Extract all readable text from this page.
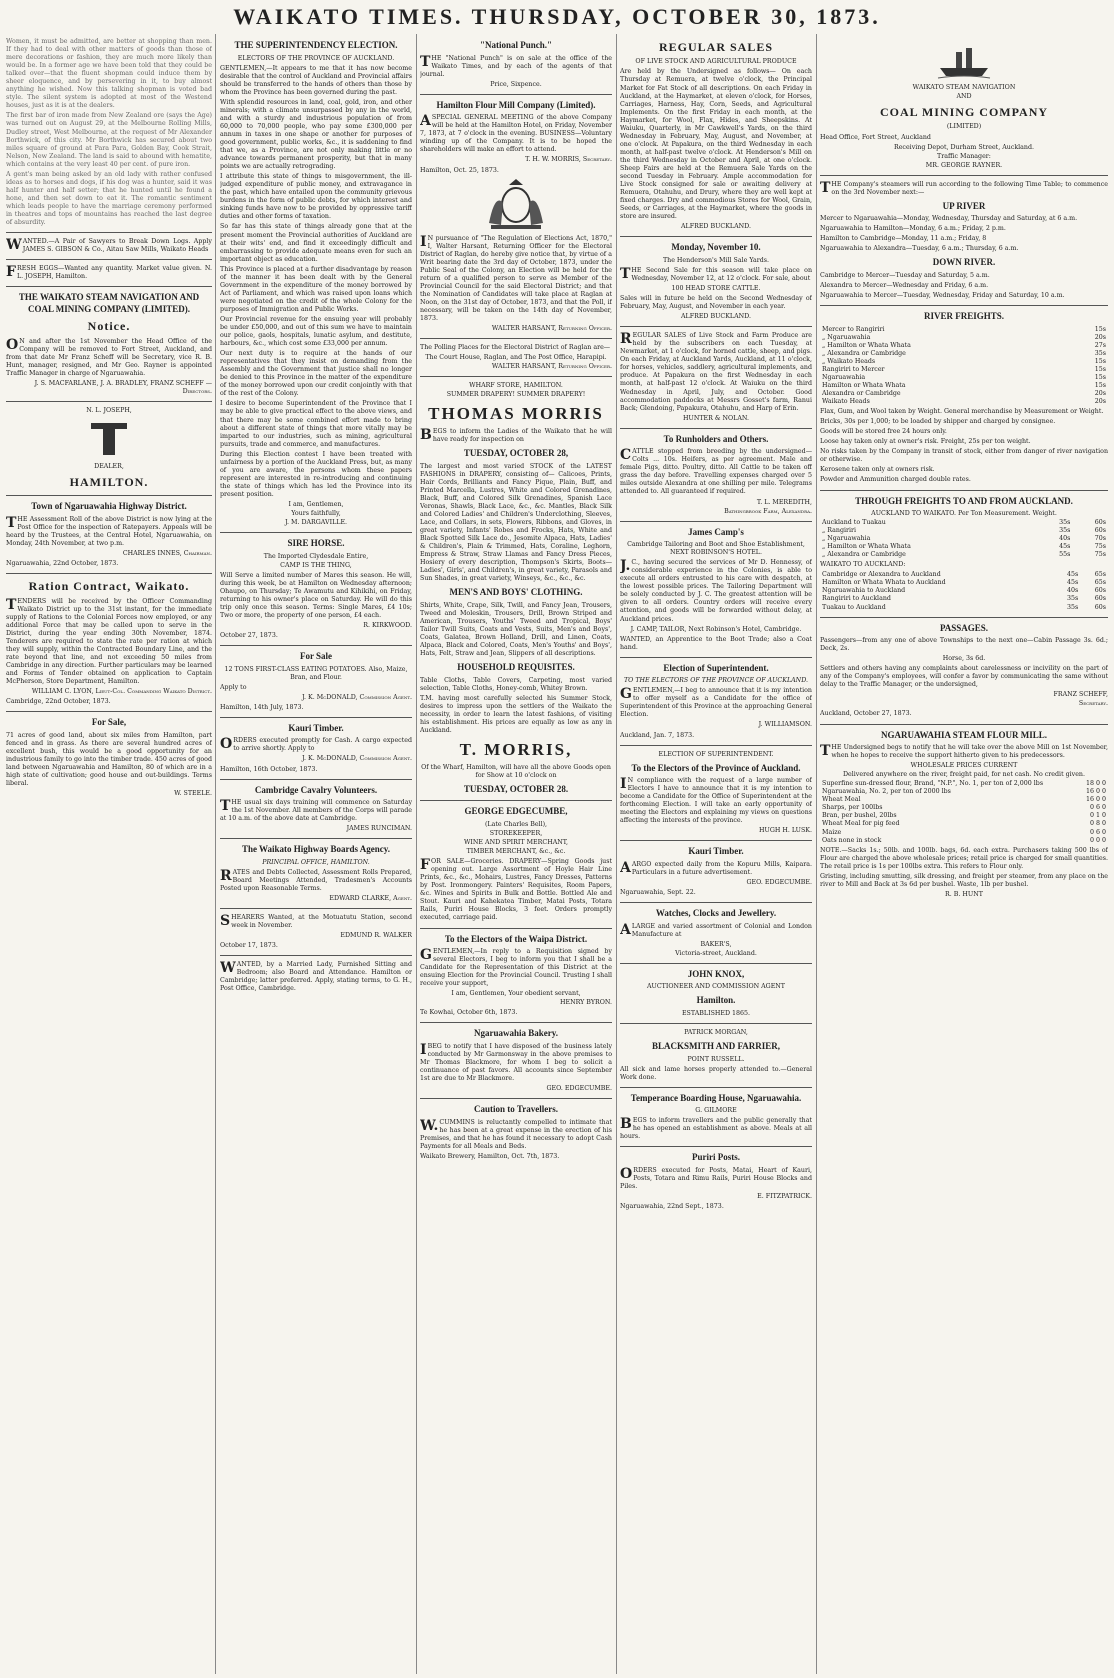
WAIKATO TIMES. THURSDAY, OCTOBER 30, 1873.

Women, it must be admitted, are better at shopping than men. If they had to deal with other matters of goods than those of mere decorations or fashion, they are much more likely than would be. In a former age we have been told that they could be talked over—that the fluent shopman could induce them by sheer eloquence, and by persevering in it, to buy almost anything he wished. Now this talking shopman is voted bad style. The silent system is adopted at most of the Westend houses, just as it is at the dealers.

The first bar of iron made from New Zealand ore (says the Age) was turned out on August 29, at the Melbourne Rolling Mills, Dudley street, West Melbourne, at the request of Mr Alexander Borthwick, of this city. Mr Borthwick has secured about two miles square of ground at Para Para, Golden Bay, Cook Strait, Nelson, New Zealand. The land is said to abound with hematite, which contains at the very least 40 per cent. of pure iron.

A gent's man being asked by an old lady with rather confused ideas as to horses and dogs, if his dog was a hunter, said it was half hunter and half setter; that he hunted until he found a hone, and then set down to eat it. The romantic sentiment which leads people to have the marriage ceremony performed in theatres and tops of mountains has reached the last degree of absurdity.

WANTED.—A Pair of Sawyers to Break Down Logs. Apply JAMES S. GIBSON & Co., Aitau Saw Mills, Waikato Heads

FRESH EGGS—Wanted any quantity. Market value given. N. L. JOSEPH, Hamilton.

THE WAIKATO STEAM NAVIGATION AND COAL MINING COMPANY (LIMITED).
Notice.

ON and after the 1st November the Head Office of the Company will be removed to Fort Street, Auckland, and from that date Mr Franz Scheff will be Secretary, vice R. B. Hunt, manager, resigned, and Mr Geo. Rayner is appointed Traffic Manager in charge of Ngaruawahia.

J. S. MACFARLANE, J. A. BRADLEY, FRANZ SCHEFF — Directors.

N. L. JOSEPH,
DEALER,
HAMILTON.
Town of Ngaruawahia Highway District.

THE Assessment Roll of the above District is now lying at the Post Office for the inspection of Ratepayers. Appeals will be heard by the Trustees, at the Central Hotel, Ngaruawahia, on Monday, 24th November, at two p.m.

CHARLES INNES, Chairman.

Ngaruawahia, 22nd October, 1873.

Ration Contract, Waikato.

TENDERS will be received by the Officer Commanding Waikato District up to the 31st instant, for the immediate supply of Rations to the Colonial Forces now employed, or any additional Force that may be called upon to serve in the District, during the year ending 30th November, 1874. Tenderers are required to state the rate per ration at which they will supply, within the Contracted Boundary Line, and the rate beyond that line, and not exceeding 50 miles from Cambridge in any direction. Further particulars may be learned and Forms of Tender obtained on application to Captain McPherson, Store Department, Hamilton.

WILLIAM C. LYON, Lieut-Col. Commanding Waikato District.

Cambridge, 22nd October, 1873.

For Sale,

71 acres of good land, about six miles from Hamilton, part fenced and in grass. As there are several hundred acres of excellent bush, this would be a good opportunity for an industrious family to go into the timber trade. 450 acres of good land between Ngaruawahia and Hamilton, 80 of which are in a high state of cultivation; good house and out-buildings. Terms liberal.

W. STEELE.

THE SUPERINTENDENCY ELECTION.
ELECTORS OF THE PROVINCE OF AUCKLAND.

GENTLEMEN,—It appears to me that it has now become desirable that the control of Auckland and Provincial affairs should be transferred to the hands of others than those by whom the Province has been governed during the past.

With splendid resources in land, coal, gold, iron, and other minerals; with a climate unsurpassed by any in the world, and with a sturdy and industrious population of from 60,000 to 70,000 people, who pay some £300,000 per annum in taxes in one shape or another for purposes of good government, public works, &c., it is saddening to find that we, as a Province, are not only making little or no advance towards permanent prosperity, but that in many points we are actually retrograding.

I attribute this state of things to misgovernment, the ill-judged expenditure of public money, and extravagance in the past, which have entailed upon the community grievous burdens in the form of public debts, for which interest and sinking funds have now to be provided by oppressive tariff duties and other forms of taxation.

So far has this state of things already gone that at the present moment the Provincial authorities of Auckland are at their wits' end, and find it exceedingly difficult and embarrassing to provide adequate means even for such an important object as education.

This Province is placed at a further disadvantage by reason of the manner it has been dealt with by the General Government in the expenditure of the money borrowed by Act of Parliament, and which was raised upon loans which were negotiated on the credit of the whole Colony for the purposes of Immigration and Public Works.

Our Provincial revenue for the ensuing year will probably be under £50,000, and out of this sum we have to maintain our police, gaols, hospitals, lunatic asylum, and destitute, harbours, &c., which cost some £33,000 per annum.

Our next duty is to require at the hands of our representatives that they insist on demanding from the Assembly and the Government that justice shall no longer be denied to this Province in the matter of the expenditure of the money borrowed upon our credit conjointly with that of the rest of the Colony.

I desire to become Superintendent of the Province that I may be able to give practical effect to the above views, and that there may be some combined effort made to bring about a different state of things that more vitally may be imparted to our industries, such as mining, agricultural pursuits, trade and commerce, and manufactures.

During this Election contest I have been treated with unfairness by a portion of the Auckland Press, but, as many of you are aware, the persons whom these papers represent are interested in re-introducing and continuing the state of things which has led the Province into its present position.

I am, Gentlemen,

Yours faithfully,

J. M. DARGAVILLE.

SIRE HORSE.
The Imported Clydesdale Entire,
CAMP IS THE THING,

Will Serve a limited number of Mares this season. He will, during this week, be at Hamilton on Wednesday afternoon; Ohaupo, on Thursday; Te Awamutu and Kihikihi, on Friday, returning to his owner's place on Saturday. He will do this trip only once this season. Terms: Single Mares, £4 10s; Two or more, the property of one person, £4 each.

R. KIRKWOOD.

October 27, 1873.

For Sale

12 TONS FIRST-CLASS EATING POTATOES. Also, Maize, Bran, and Flour.

Apply to

J. K. McDONALD, Commission Agent.

Hamilton, 14th July, 1873.

Kauri Timber.

ORDERS executed promptly for Cash. A cargo expected to arrive shortly. Apply to

J. K. McDONALD, Commission Agent.

Hamilton, 16th October, 1873.

Cambridge Cavalry Volunteers.

THE usual six days training will commence on Saturday the 1st November. All members of the Corps will parade at 10 a.m. of the above date at Cambridge.

JAMES RUNCIMAN.

The Waikato Highway Boards Agency.
PRINCIPAL OFFICE, HAMILTON.

RATES and Debts Collected, Assessment Rolls Prepared, Board Meetings Attended, Tradesmen's Accounts Posted upon Reasonable Terms.

EDWARD CLARKE, Agent.

SHEARERS Wanted, at the Motuatutu Station, second week in November.

EDMUND R. WALKER

October 17, 1873.

WANTED, by a Married Lady, Furnished Sitting and Bedroom; also Board and Attendance. Hamilton or Cambridge; latter preferred. Apply, stating terms, to G. H., Post Office, Cambridge.

"National Punch."

THE "National Punch" is on sale at the office of the Waikato Times, and by each of the agents of that journal.

Price, Sixpence.

Hamilton Flour Mill Company (Limited).

ASPECIAL GENERAL MEETING of the above Company will be held at the Hamilton Hotel, on Friday, November 7, 1873, at 7 o'clock in the evening. BUSINESS—Voluntary winding up of the Company. It is to be hoped the shareholders will make an effort to attend.

T. H. W. MORRIS, Secretary.

Hamilton, Oct. 25, 1873.

IN pursuance of "The Regulation of Elections Act, 1870," I, Walter Harsant, Returning Officer for the Electoral District of Raglan, do hereby give notice that, by virtue of a Writ bearing date the 3rd day of October, 1873, under the Public Seal of the Colony, an Election will be held for the return of a qualified person to serve as Member of the Provincial Council for the said Electoral District; and that the Nomination of Candidates will take place at Raglan at Noon, on the 31st day of October, 1873, and that the Poll, if necessary, will be taken on the 14th day of November, 1873.

WALTER HARSANT, Returning Officer.

The Polling Places for the Electoral District of Raglan are—

The Court House, Raglan, and The Post Office, Harapipi.

WALTER HARSANT, Returning Officer.

WHARF STORE, HAMILTON.
SUMMER DRAPERY! SUMMER DRAPERY!
THOMAS MORRIS

BEGS to inform the Ladies of the Waikato that he will have ready for inspection on

TUESDAY, OCTOBER 28,

The largest and most varied STOCK of the LATEST FASHIONS in DRAPERY, consisting of— Calicoes, Prints, Hair Cords, Brilliants and Fancy Pique, Plain, Buff, and Printed Marcella, Lustres, White and Colored Grenadines, Black, Buff, and Colored Silk Grenadines, Spanish Lace Veronas, Shawls, Black Lace, &c., &c. Mantles, Black Silk and Colored Ladies' and Children's Underclothing, Sleeves, Lace, and Collars, in sets, Flowers, Ribbons, and Gloves, in great variety, Infants' Robes and Frocks, Hats, White and Black Spotted Silk Lace do., Jesomite Alpaca, Hats, Ladies' & Children's, Plain & Trimmed, Hats, Coraline, Leghorn, Empress & Straw, Straw Llamas and Fancy Dress Pieces, Hosiery of every description, Thompson's Skirts, Boots—Ladies', Girls', and Children's, in great variety, Parasols and Sun Shades, in great variety, Winseys, &c., &c., &c.

MEN'S AND BOYS' CLOTHING.

Shirts, White, Crape, Silk, Twill, and Fancy Jean, Trousers, Tweed and Moleskin, Trousers, Drill, Brown Striped and American, Trousers, Youths' Tweed and Tropical, Boys' Tailor Twill Suits, Coats and Vests, Suits, Men's and Boys', Coats, Galatea, Brown Holland, Drill, and Linen, Coats, Alpaca, Black and Colored, Coats, Men's Youths' and Boys', Hats, Felt, Straw and Jean, Slippers of all descriptions.

HOUSEHOLD REQUISITES.

Table Cloths, Table Covers, Carpeting, most varied selection, Table Cloths, Honey-comb, Whitey Brown.

T.M. having most carefully selected his Summer Stock, desires to impress upon the settlers of the Waikato the necessity, in order to learn the latest fashions, of visiting his establishment. His prices are equally as low as any in Auckland.

T. MORRIS,

Of the Wharf, Hamilton, will have all the above Goods open for Show at 10 o'clock on

TUESDAY, OCTOBER 28.
GEORGE EDGECUMBE,
(Late Charles Bell),
STOREKEEPER,
WINE AND SPIRIT MERCHANT,
TIMBER MERCHANT, &c., &c.

FOR SALE—Groceries. DRAPERY—Spring Goods just opening out. Large Assortment of Hoyle Hair Line Prints, &c., &c., Mohairs, Lustres, Fancy Dresses, Patterns by Post. Ironmongery. Painters' Requisites, Room Papers, &c. Wines and Spirits in Bulk and Bottle. Bottled Ale and Stout. Kauri and Kahekatea Timber, Matai Posts, Totara Rails, Puriri House Blocks, 3 feet. Orders promptly executed, carriage paid.

To the Electors of the Waipa District.

GENTLEMEN,—In reply to a Requisition signed by several Electors, I beg to inform you that I shall be a Candidate for the Representation of this District at the ensuing Election for the Provincial Council. Trusting I shall receive your support,

I am, Gentlemen, Your obedient servant,

HENRY BYRON.

Te Kowhai, October 6th, 1873.

Ngaruawahia Bakery.

IBEG to notify that I have disposed of the business lately conducted by Mr Garmonsway in the above premises to Mr Thomas Blackmore, for whom I beg to solicit a continuance of past favors. All accounts since September 1st are due to Mr Blackmore.

GEO. EDGECUMBE.

Caution to Travellers.

W.CUMMINS is reluctantly compelled to intimate that he has been at a great expense in the erection of his Premises, and that he has found it necessary to adopt Cash Payments for all Meals and Beds.

Waikato Brewery, Hamilton, Oct. 7th, 1873.

REGULAR SALES
OF LIVE STOCK AND AGRICULTURAL PRODUCE

Are held by the Undersigned as follows— On each Thursday at Remuera, at twelve o'clock, the Principal Market for Fat Stock of all descriptions. On each Friday in Auckland, at the Haymarket, at eleven o'clock, for Horses, Carriages, Harness, Hay, Corn, Seeds, and Agricultural Implements. On the first Friday in each month, at the Haymarket, for Wool, Flax, Hides, and Sheepskins. At Waiuku, Quarterly, in Mr Cawkwell's Yards, on the third Wednesday in February, May, August, and November, at one o'clock. At Papakura, on the third Wednesday in each month, at half-past twelve o'clock. At Henderson's Mill on the third Wednesday in October and April, at one o'clock. Sheep Fairs are held at the Remuera Sale Yards on the second Tuesday in February. Ample accommodation for Live Stock consigned for sale or awaiting delivery at Remuera, Otahuhu, and Drury, where they are well kept at fixed charges. Dry and commodious Stores for Wool, Grain, Seeds, or Carriages, at the Haymarket, where the goods in store are insured.

ALFRED BUCKLAND.

Monday, November 10.
The Henderson's Mill Sale Yards.

THE Second Sale for this season will take place on Wednesday, November 12, at 12 o'clock. For sale, about

100 HEAD STORE CATTLE.

Sales will in future be held on the Second Wednesday of February, May, August, and November in each year.

ALFRED BUCKLAND.

REGULAR SALES of Live Stock and Farm Produce are held by the subscribers on each Tuesday, at Newmarket, at 1 o'clock, for horned cattle, sheep, and pigs. On each Friday, at Auckland Yards, Auckland, at 11 o'clock, for horses, vehicles, saddlery, agricultural implements, and produce. At Papakura on the first Wednesday in each month, at half-past 12 o'clock. At Waiuku on the third Wednesday in April, July, and October. Good accommodation paddocks at Messrs Gosset's farm, Ranui Back; Glendoing, Papakura, Otahuhu, and Harp of Erin.

HUNTER & NOLAN.

To Runholders and Others.

CATTLE stopped from breeding by the undersigned— Colts ... 10s. Heifers, as per agreement. Male and female Pigs, ditto. Poultry, ditto. All Cattle to be taken off grass the day before. Travelling expenses charged over 5 miles outside Alexandra at one shilling per mile. Telegrams attended to. All guaranteed if required.

T. L. MEREDITH,

Bathingbrook Farm, Alexandra.

James Camp's
Cambridge Tailoring and Boot and Shoe Establishment, NEXT ROBINSON'S HOTEL.

J.C., having secured the services of Mr D. Hennessy, of considerable experience in the Colonies, is able to execute all orders entrusted to his care with despatch, at the lowest possible prices. The Tailoring Department will be solely conducted by J. C. The greatest attention will be given to all orders. Country orders will receive every attention, and goods will be forwarded without delay, at Auckland prices.

J. CAMP, TAILOR, Next Robinson's Hotel, Cambridge.

WANTED, an Apprentice to the Boot Trade; also a Coat hand.

Election of Superintendent.
TO THE ELECTORS OF THE PROVINCE OF AUCKLAND.

GENTLEMEN,—I beg to announce that it is my intention to offer myself as a Candidate for the office of Superintendent of this Province at the approaching General Election.

J. WILLIAMSON.

Auckland, Jan. 7, 1873.

ELECTION OF SUPERINTENDENT.
To the Electors of the Province of Auckland.

IN compliance with the request of a large number of Electors I have to announce that it is my intention to become a Candidate for the Office of Superintendent at the forthcoming Election. I will take an early opportunity of meeting the Electors and explaining my views on questions affecting the interests of the province.

HUGH H. LUSK.

Kauri Timber.

AARGO expected daily from the Kopuru Mills, Kaipara. Particulars in a future advertisement.

GEO. EDGECUMBE.

Ngaruawahia, Sept. 22.

Watches, Clocks and Jewellery.

ALARGE and varied assortment of Colonial and London Manufacture at

BAKER'S,

Victoria-street, Auckland.

JOHN KNOX,
AUCTIONEER AND COMMISSION AGENT
Hamilton.
ESTABLISHED 1865.
PATRICK MORGAN,
BLACKSMITH AND FARRIER,
POINT RUSSELL.

All sick and lame horses properly attended to.—General Work done.

Temperance Boarding House, Ngaruawahia.
G. GILMORE

BEGS to inform travellers and the public generally that he has opened an establishment as above. Meals at all hours.

Puriri Posts.

ORDERS executed for Posts, Matai, Heart of Kauri, Posts, Totara and Rimu Rails, Puriri House Blocks and Piles.

E. FITZPATRICK.

Ngaruawahia, 22nd Sept., 1873.

WAIKATO STEAM NAVIGATION
AND
COAL MINING COMPANY
(LIMITED)

Head Office, Fort Street, Auckland

Receiving Depot, Durham Street, Auckland.

Traffic Manager:

MR. GEORGE RAYNER.

THE Company's steamers will run according to the following Time Table; to commence on the 3rd November next:—

UP RIVER

Mercer to Ngaruawahia—Monday, Wednesday, Thursday and Saturday, at 6 a.m.

Ngaruawahia to Hamilton—Monday, 6 a.m.; Friday, 2 p.m.

Hamilton to Cambridge—Monday, 11 a.m.; Friday, 8

Ngaruawahia to Alexandra—Tuesday, 6 a.m.; Thursday, 6 a.m.

DOWN RIVER.

Cambridge to Mercer—Tuesday and Saturday, 5 a.m.

Alexandra to Mercer—Wednesday and Friday, 6 a.m.

Ngaruawahia to Mercer—Tuesday, Wednesday, Friday and Saturday, 10 a.m.

RIVER FREIGHTS.
Mercer to Rangiriri	15s
„ Ngaruawahia	20s
„ Hamilton or Whata Whata	27s
„ Alexandra or Cambridge	35s
„ Waikato Heads	15s
Rangiriri to Mercer	15s
Ngaruawahia	15s
Hamilton or Whata Whata	15s
Alexandra or Cambridge	20s
Waikato Heads	20s

Flax, Gum, and Wool taken by Weight. General merchandise by Measurement or Weight.

Bricks, 30s per 1,000; to be loaded by shipper and charged by consignee.

Goods will be stored free 24 hours only.

Loose hay taken only at owner's risk. Freight, 25s per ton weight.

No risks taken by the Company in transit of stock, either from danger of river navigation or otherwise.

Kerosene taken only at owners risk.

Powder and Ammunition charged double rates.

THROUGH FREIGHTS TO AND FROM AUCKLAND.

AUCKLAND TO WAIKATO. Per Ton Measurement. Weight.

Auckland to Tuakau	35s	60s
„ Rangiriri	35s	60s
„ Ngaruawahia	40s	70s
„ Hamilton or Whata Whata	45s	75s
„ Alexandra or Cambridge	55s	75s

WAIKATO TO AUCKLAND:

Cambridge or Alexandra to Auckland	45s	65s
Hamilton or Whata Whata to Auckland	45s	65s
Ngaruawahia to Auckland	40s	60s
Rangiriri to Auckland	35s	60s
Tuakau to Auckland	35s	60s
PASSAGES.

Passengers—from any one of above Townships to the next one—Cabin Passage 3s. 6d.; Deck, 2s.

Horse, 3s 6d.

Settlers and others having any complaints about carelessness or incivility on the part of any of the Company's employees, will confer a favor by communicating the same without delay to the Traffic Manager, or the undersigned,

FRANZ SCHEFF,

Secretary.

Auckland, October 27, 1873.

NGARUAWAHIA STEAM FLOUR MILL.

THE Undersigned begs to notify that he will take over the above Mill on 1st November, when he hopes to receive the support hitherto given to his predecessors.

WHOLESALE PRICES CURRENT

Delivered anywhere on the river, freight paid, for net cash. No credit given.

Superfine sun-dressed flour, Brand, "N.P.", No. 1, per ton of 2,000 lbs	18 0 0
Ngaruawahia, No. 2, per ton of 2000 lbs	16 0 0
Wheat Meal	16 0 0
Sharps, per 100lbs	0 6 0
Bran, per bushel, 20lbs	0 1 0
Wheat Meal for pig feed	0 8 0
Maize	0 6 0
Oats none in stock	0 0 0

NOTE.—Sacks 1s.; 50lb. and 100lb. bags, 6d. each extra. Purchasers taking 500 lbs of Flour are charged the above wholesale prices; retail price is charged for small quantities. The retail price is 1s per 100lbs extra. This refers to Flour only.

Gristing, including smutting, silk dressing, and freight per steamer, from any place on the river to Mill and Back at 3s 6d per bushel. Waste, 1lb per bushel.

R. B. HUNT
